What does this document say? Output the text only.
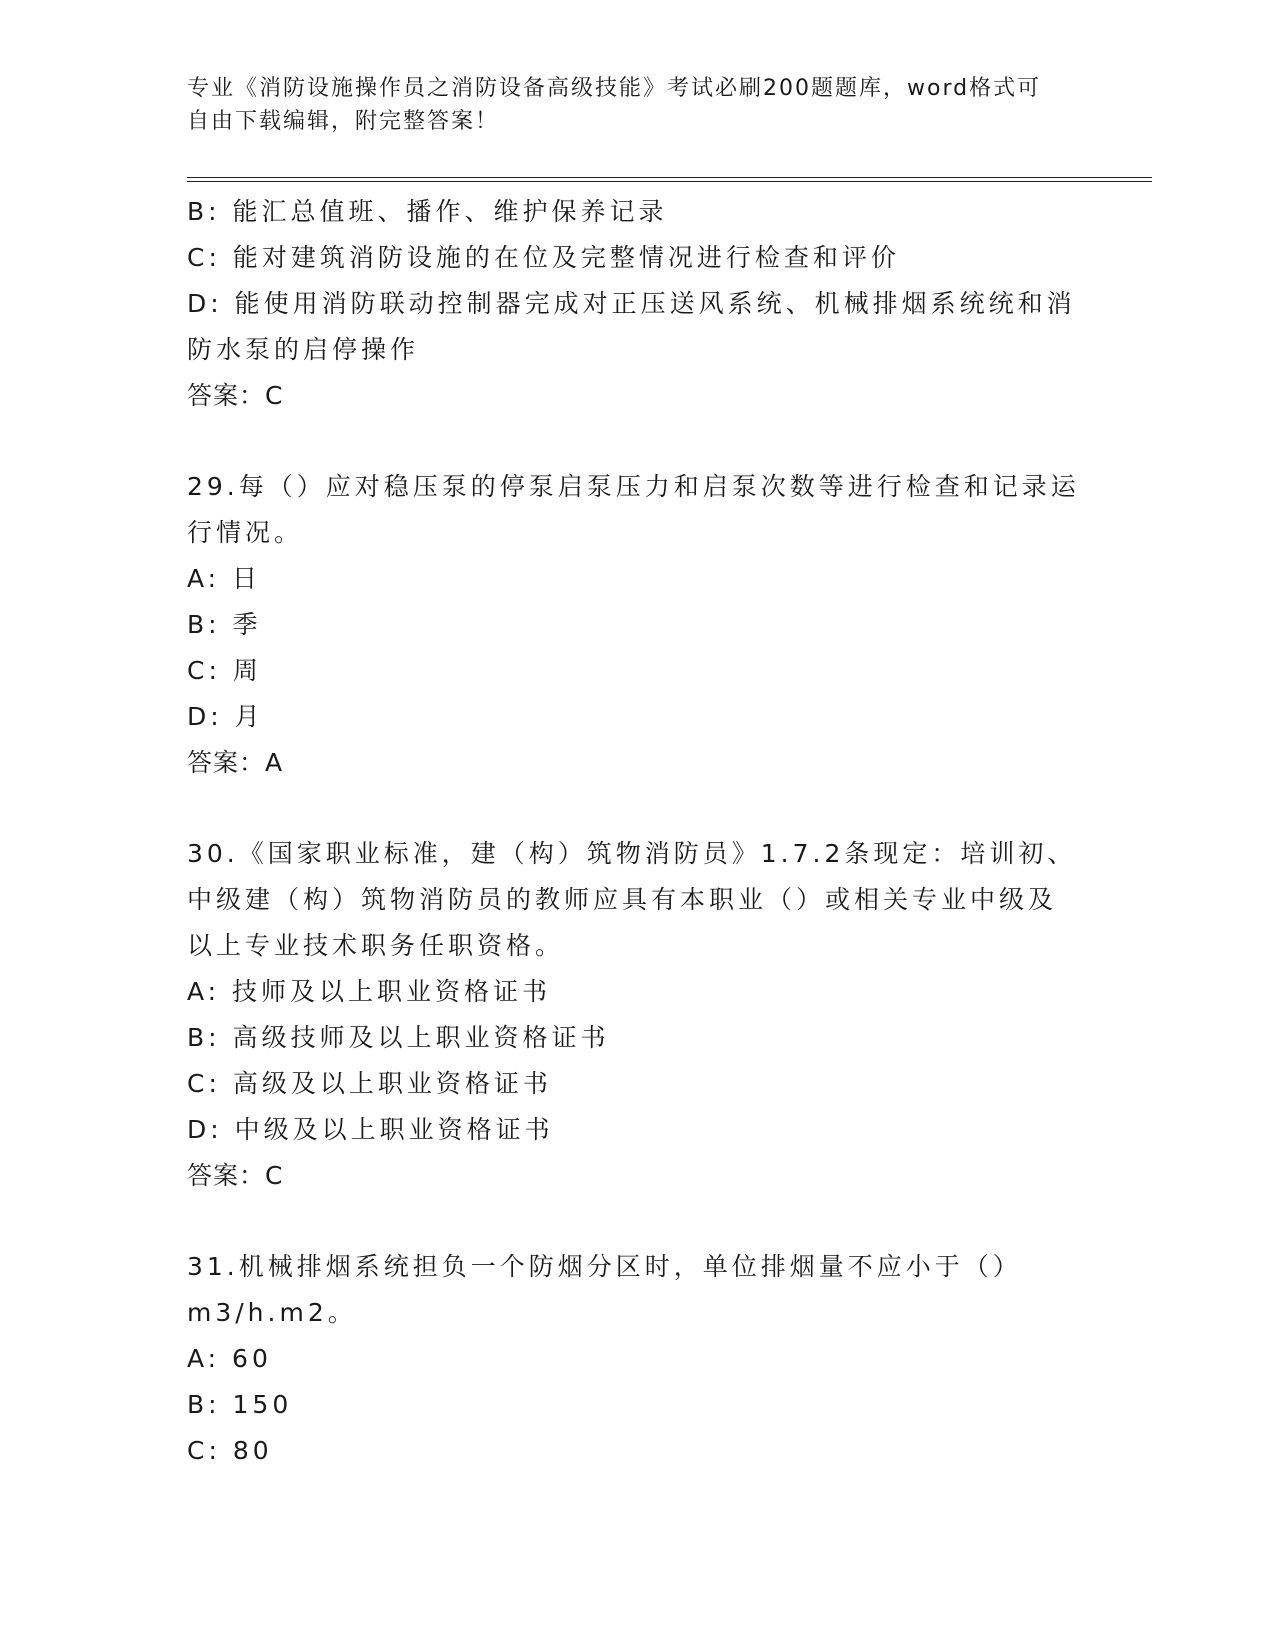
专业《消防设施操作员之消防设备高级技能》考试必刷200题题库，word格式可
自由下载编辑，附完整答案！
B: 能汇总值班、播作、维护保养记录
C: 能对建筑消防设施的在位及完整情况进行检查和评价
D: 能使用消防联动控制器完成对正压送风系统、机械排烟系统统和消
防水泵的启停操作
答案：C
29.每（）应对稳压泵的停泵启泵压力和启泵次数等进行检查和记录运
行情况。
A: 日
B: 季
C: 周
D: 月
答案：A
30.《国家职业标准，建（构）筑物消防员》1.7.2条现定：培训初、
中级建（构）筑物消防员的教师应具有本职业（）或相关专业中级及
以上专业技术职务任职资格。
A: 技师及以上职业资格证书
B: 高级技师及以上职业资格证书
C: 高级及以上职业资格证书
D: 中级及以上职业资格证书
答案：C
31.机械排烟系统担负一个防烟分区时，单位排烟量不应小于（）
m3/h.m2。
A: 60
B: 150
C: 80
